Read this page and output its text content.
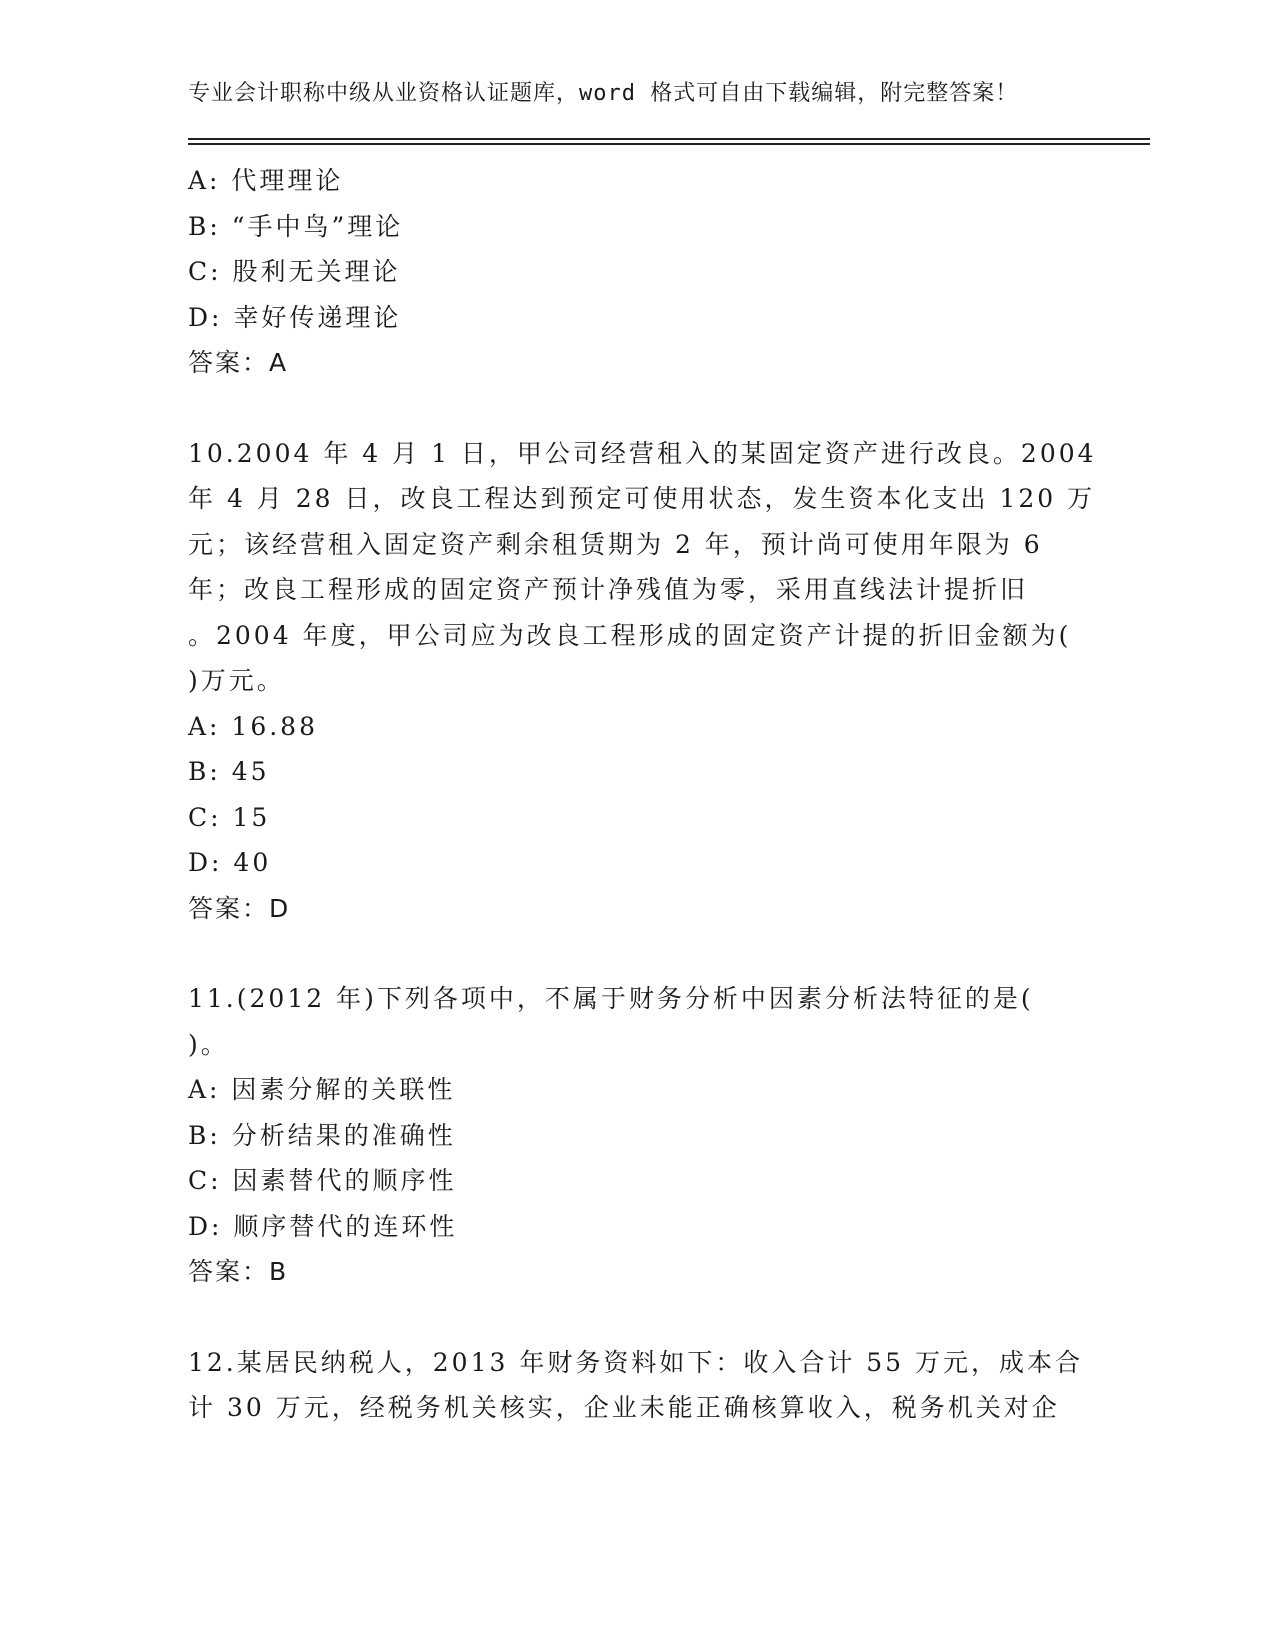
专业会计职称中级从业资格认证题库，word 格式可自由下载编辑，附完整答案！
A: 代理理论
B: “手中鸟”理论
C: 股利无关理论
D: 幸好传递理论
答案：A
10.2004 年 4 月 1 日，甲公司经营租入的某固定资产进行改良。2004
年 4 月 28 日，改良工程达到预定可使用状态，发生资本化支出 120 万
元；该经营租入固定资产剩余租赁期为 2 年，预计尚可使用年限为 6
年；改良工程形成的固定资产预计净残值为零，采用直线法计提折旧
。2004 年度，甲公司应为改良工程形成的固定资产计提的折旧金额为(
)万元。
A: 16.88
B: 45
C: 15
D: 40
答案：D
11.(2012 年)下列各项中，不属于财务分析中因素分析法特征的是(
)。
A: 因素分解的关联性
B: 分析结果的准确性
C: 因素替代的顺序性
D: 顺序替代的连环性
答案：B
12.某居民纳税人，2013 年财务资料如下：收入合计 55 万元，成本合
计 30 万元，经税务机关核实，企业未能正确核算收入，税务机关对企
